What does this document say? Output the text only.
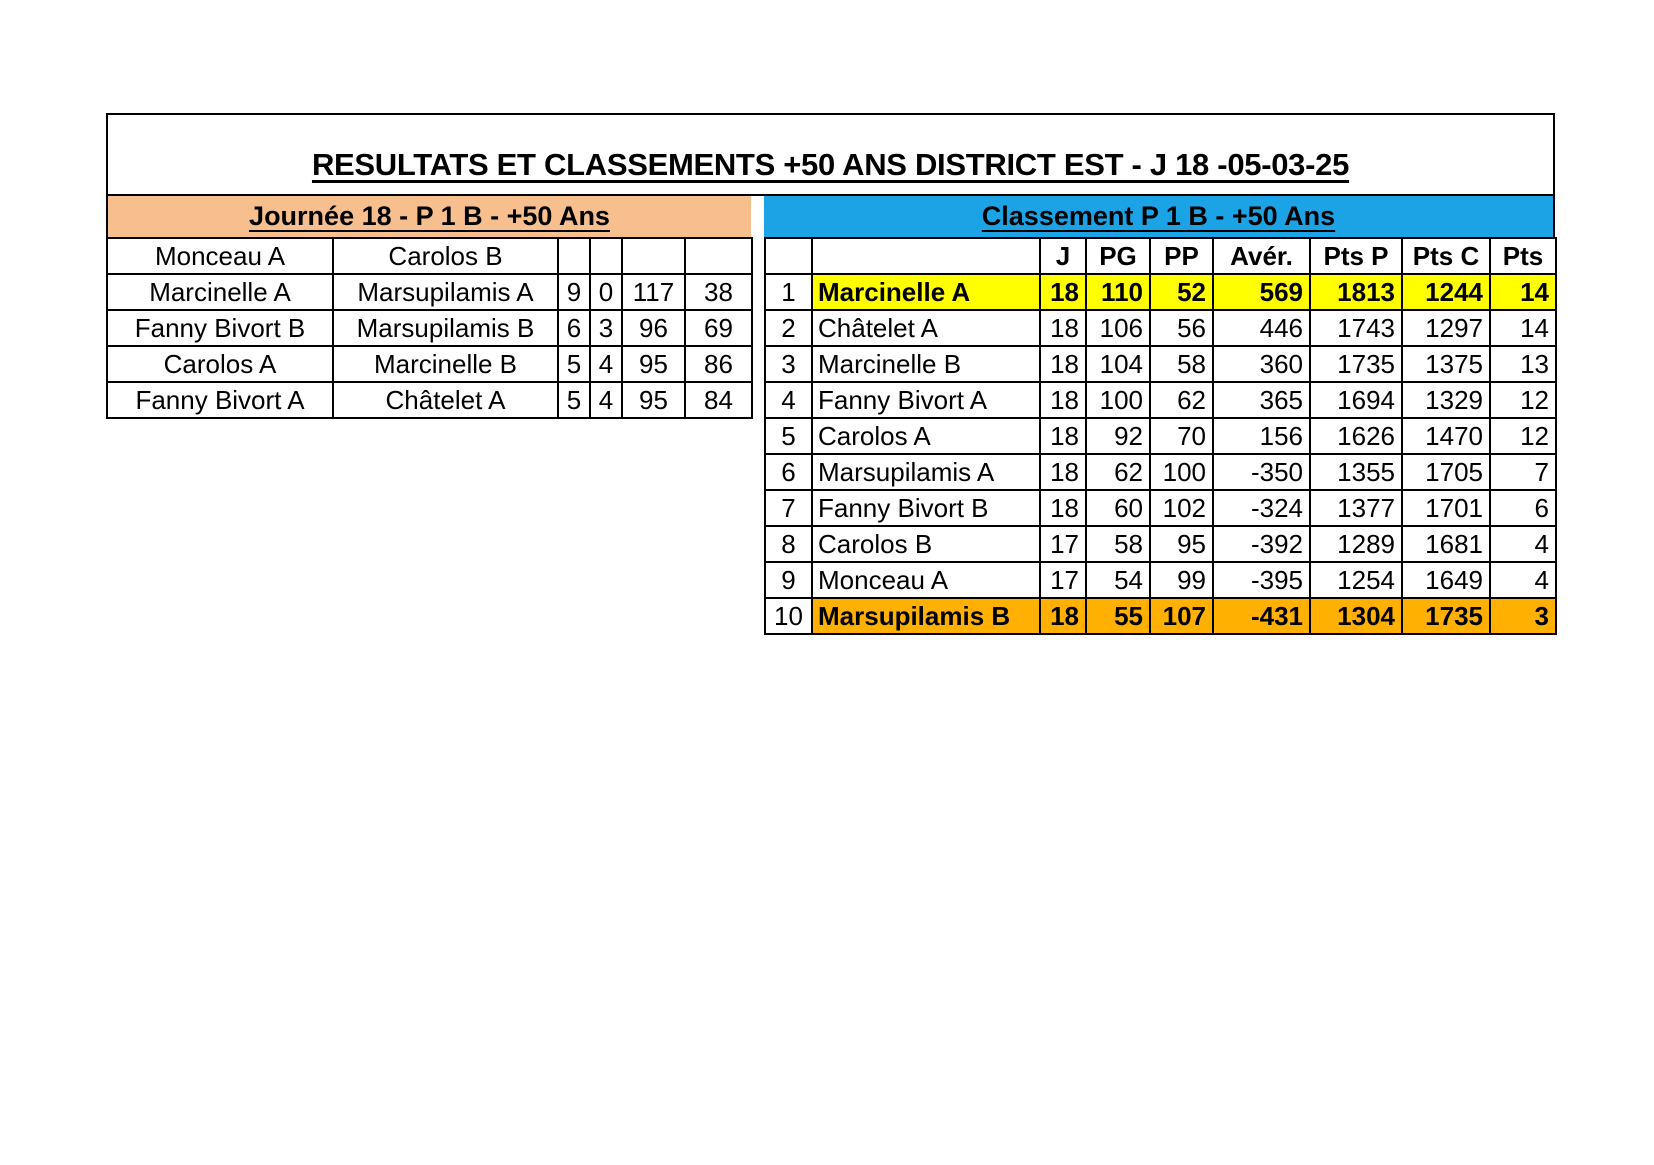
RESULTATS ET CLASSEMENTS +50 ANS DISTRICT EST - J 18 -05-03-25
Journée 18 - P 1 B - +50 Ans	Classement P 1 B - +50 Ans
Monceau A	Carolos B				
Marcinelle A	Marsupilamis A	9	0	117	38
Fanny Bivort B	Marsupilamis B	6	3	96	69
Carolos A	Marcinelle B	5	4	95	86
Fanny Bivort A	Châtelet A	5	4	95	84
		J	PG	PP	Avér.	Pts P	Pts C	Pts
1	Marcinelle A	18	110	52	569	1813	1244	14
2	Châtelet A	18	106	56	446	1743	1297	14
3	Marcinelle B	18	104	58	360	1735	1375	13
4	Fanny Bivort A	18	100	62	365	1694	1329	12
5	Carolos A	18	92	70	156	1626	1470	12
6	Marsupilamis A	18	62	100	-350	1355	1705	7
7	Fanny Bivort B	18	60	102	-324	1377	1701	6
8	Carolos B	17	58	95	-392	1289	1681	4
9	Monceau A	17	54	99	-395	1254	1649	4
10	Marsupilamis B	18	55	107	-431	1304	1735	3
